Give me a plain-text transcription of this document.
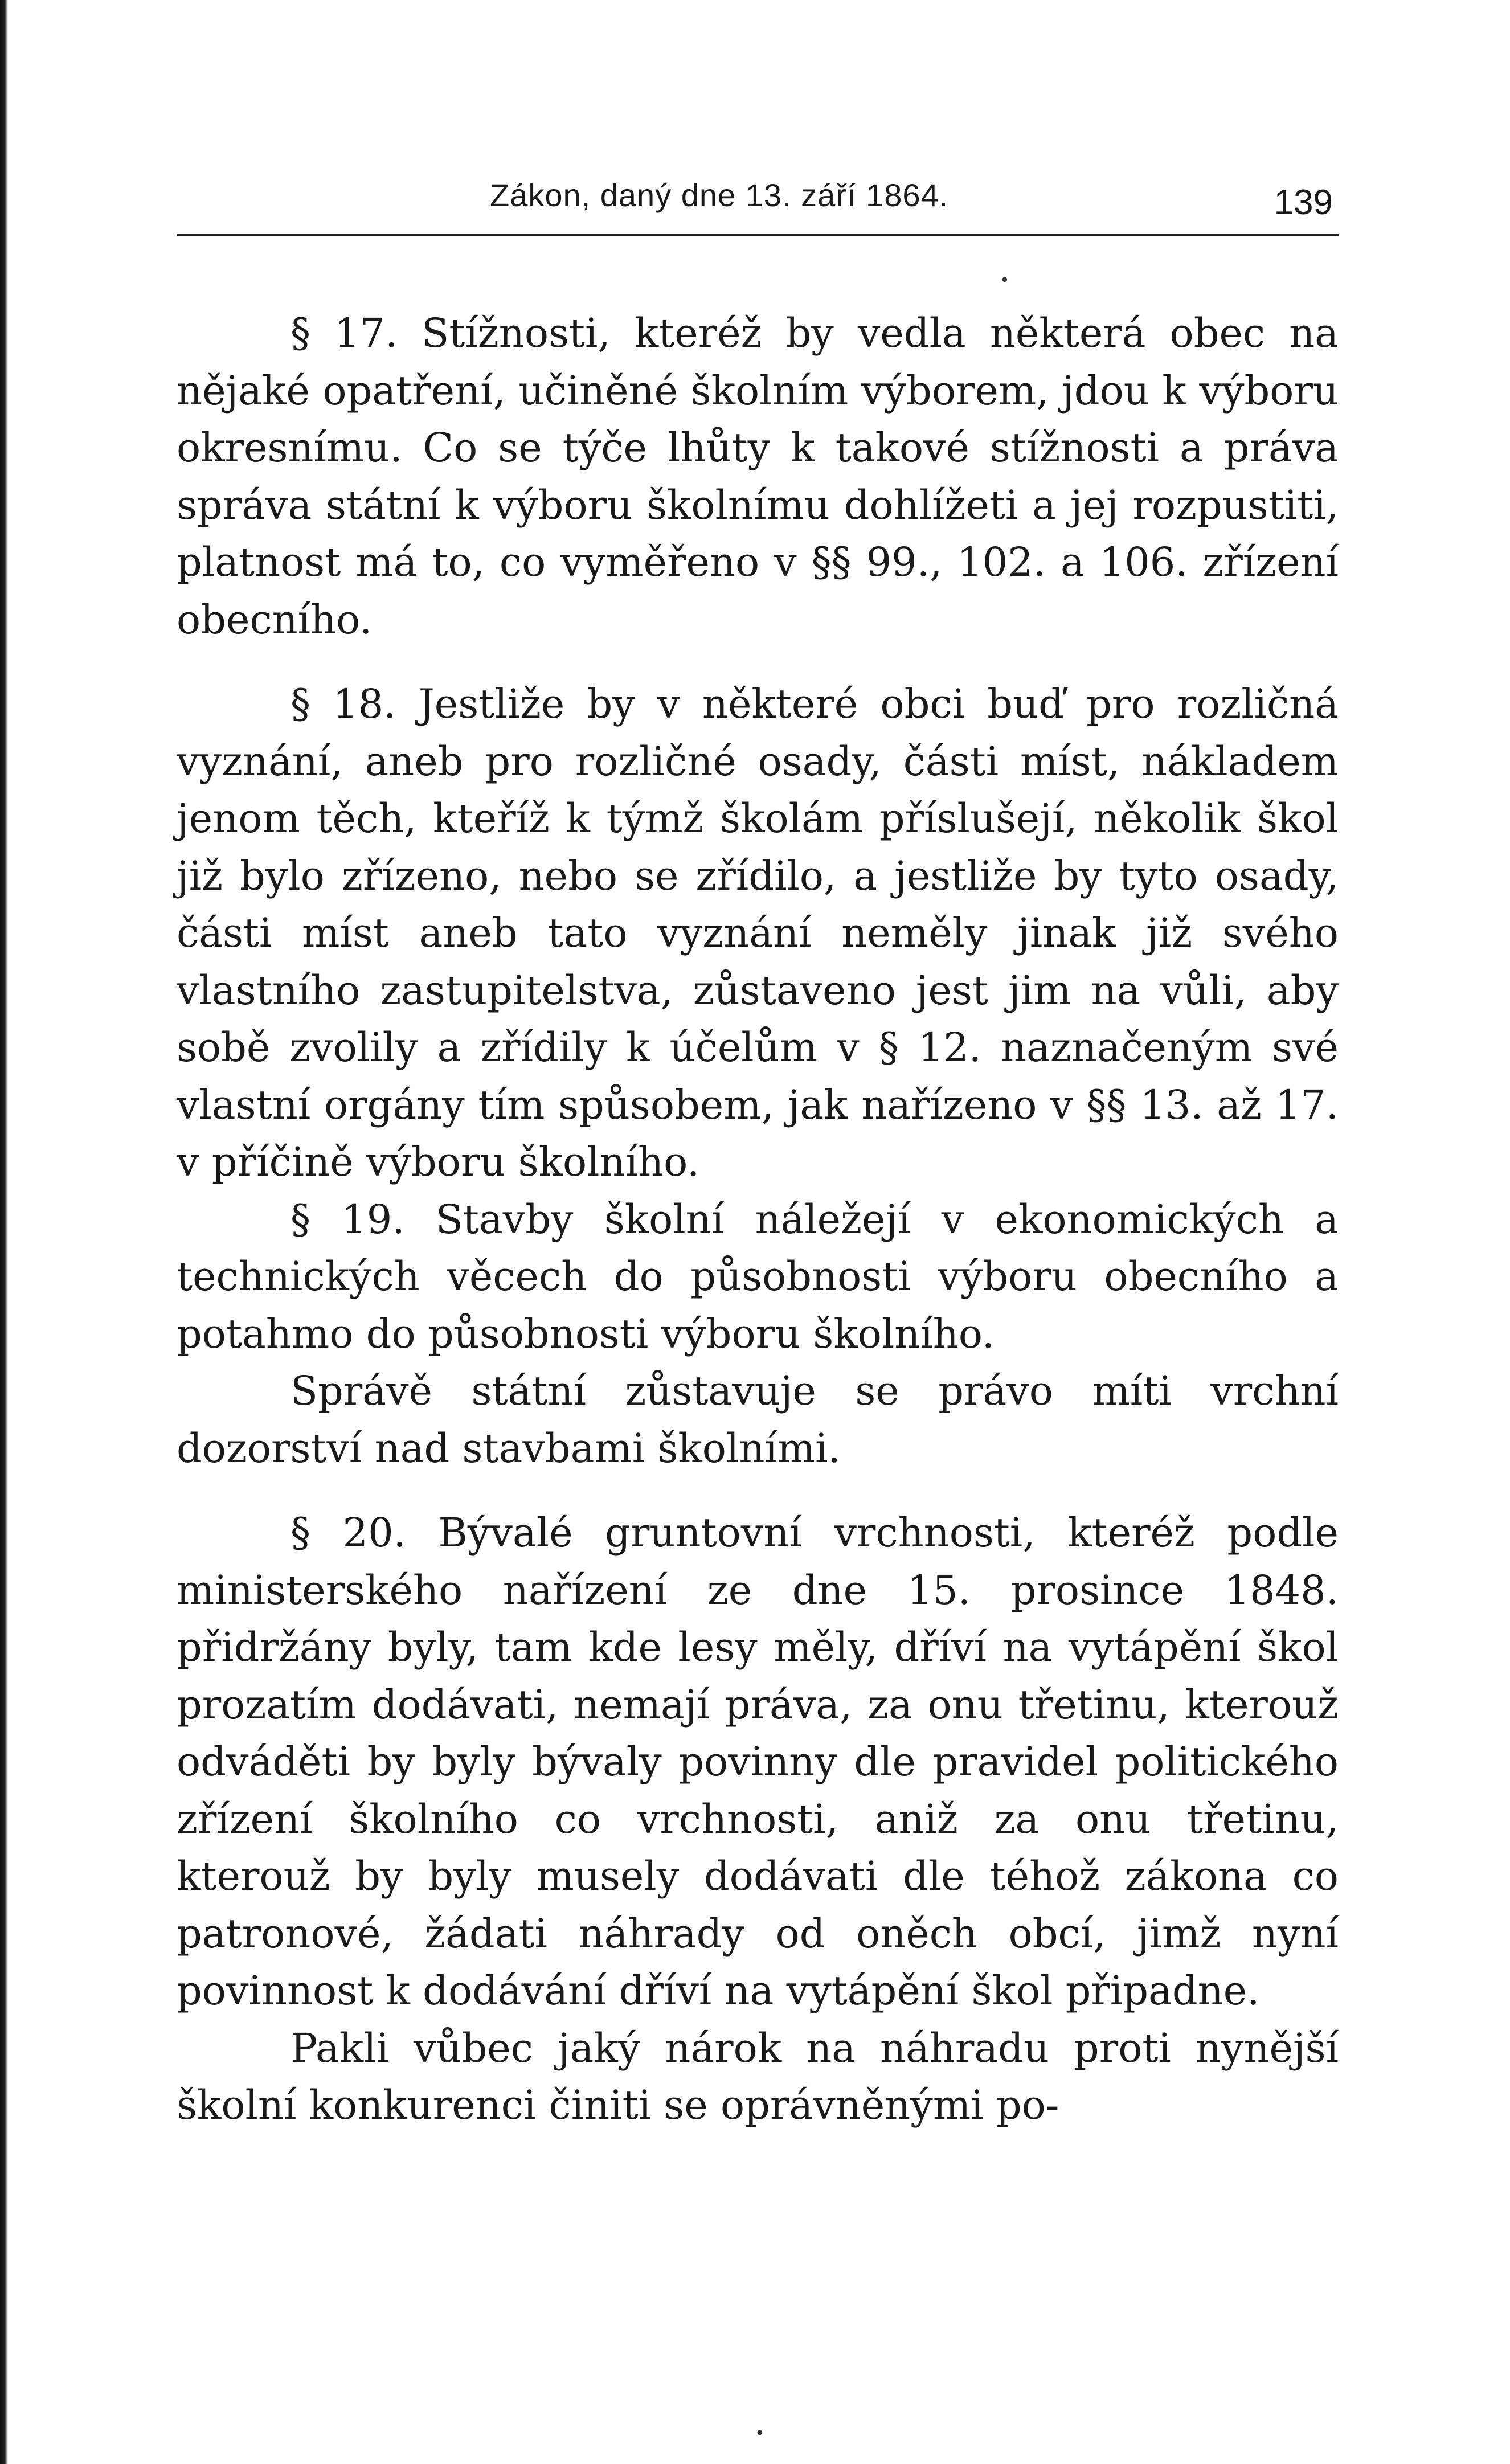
Zákon, daný dne 13. září 1864.	139

§ 17. Stížnosti, kteréž by vedla některá obec na nějaké opatření, učiněné školním výborem, jdou k výboru okresnímu. Co se týče lhůty k takové stížnosti a práva správa státní k výboru školnímu dohlížeti a jej rozpustiti, platnost má to, co vyměřeno v §§ 99., 102. a 106. zřízení obecního.

§ 18. Jestliže by v některé obci buď pro rozličná vyznání, aneb pro rozličné osady, části míst, nákladem jenom těch, kteříž k týmž školám příslušejí, několik škol již bylo zřízeno, nebo se zřídilo, a jestliže by tyto osady, části míst aneb tato vyznání neměly jinak již svého vlastního zastupitelstva, zůstaveno jest jim na vůli, aby sobě zvolily a zřídily k účelům v § 12. naznačeným své vlastní orgány tím spůsobem, jak nařízeno v §§ 13. až 17. v příčině výboru školního.

§ 19. Stavby školní náležejí v ekonomických a technických věcech do působnosti výboru obecního a potahmo do působnosti výboru školního.

Správě státní zůstavuje se právo míti vrchní dozorství nad stavbami školními.

§ 20. Bývalé gruntovní vrchnosti, kteréž podle ministerského nařízení ze dne 15. prosince 1848. přidržány byly, tam kde lesy měly, dříví na vytápění škol prozatím dodávati, nemají práva, za onu třetinu, kterouž odváděti by byly bývaly povinny dle pravidel politického zřízení školního co vrchnosti, aniž za onu třetinu, kterouž by byly musely dodávati dle téhož zákona co patronové, žádati náhrady od oněch obcí, jimž nyní povinnost k dodávání dříví na vytápění škol připadne.

Pakli vůbec jaký nárok na náhradu proti nynější školní konkurenci činiti se oprávněnými po-

•
•
